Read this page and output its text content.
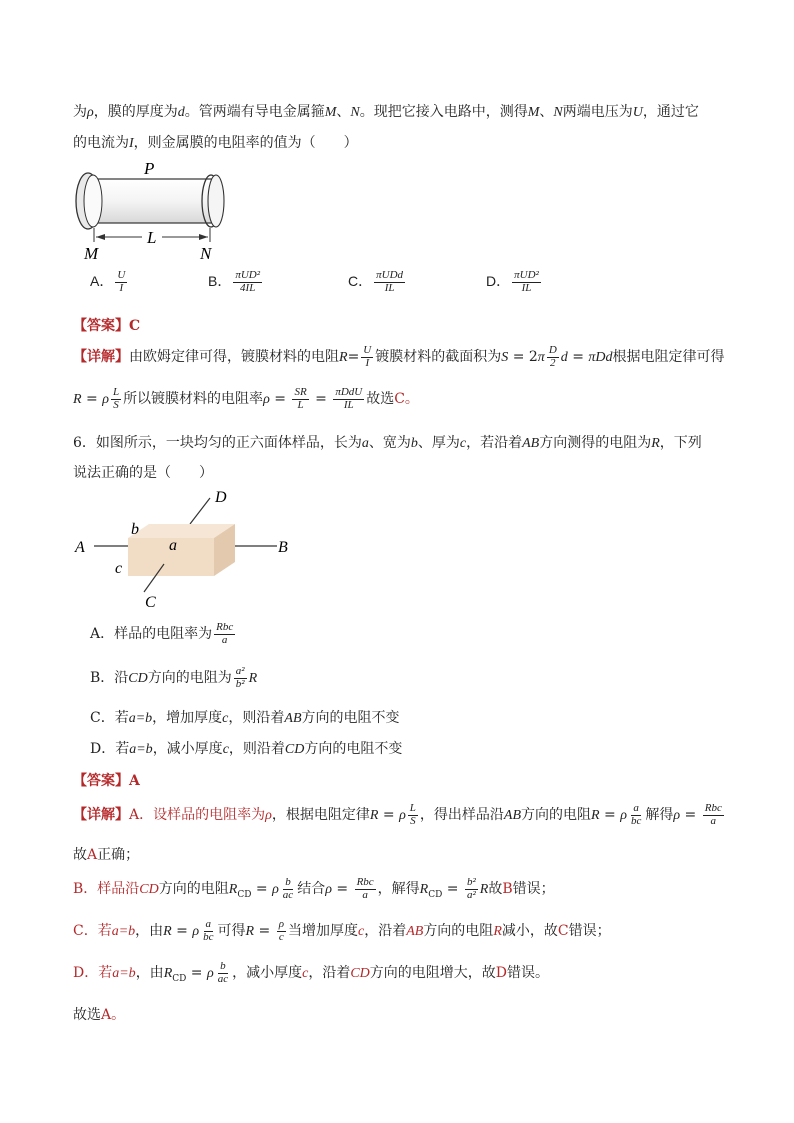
为ρ，膜的厚度为d。管两端有导电金属箍M、N。现把它接入电路中，测得M、N两端电压为U，通过它
的电流为I，则金属膜的电阻率的值为（　　）
P
L
M	N
A． $\frac{U}{I}$	B． $\frac{\text{πUD²}}{4IL}$	C． $\frac{\text{πUDd}}{IL}$	D． $\frac{\text{πUD²}}{IL}$
【答案】C
【详解】由欧姆定律可得，镀膜材料的电阻$R= \frac{U}{I}$ 镀膜材料的截面积为$S = 2\pi \frac{D}{2}$ d = πDd根据电阻定律可得
R = ρ $\frac{L}{S}$ 所以镀膜材料的电阻率$\rho = \frac{SR}{L} = \frac{\text{πDdU}}{IL}$ 故选C。
6．如图所示，一块均匀的正六面体样品，长为a、宽为b、厚为c，若沿着AB方向测得的电阻为R，下列
说法正确的是（　　）
A	B
D
C
a
b
c
A．样品的电阻率为 $\frac{\text{Rbc}}{a}$
B．沿CD方向的电阻为 $\frac{\text{a²}}{\text{b²}}$ R
C．若a=b，增加厚度c，则沿着AB方向的电阻不变
D．若a=b，减小厚度c，则沿着CD方向的电阻不变
【答案】A
【详解】A．设样品的电阻率为ρ，根据电阻定律R = ρ $\frac{L}{S}$ ，得出样品沿AB方向的电阻R = ρ $\frac{a}{bc}$ 解得$\rho = \frac{\text{Rbc}}{a}$
故A正确；
B．样品沿CD方向的电阻$R_{CD} = \rho \frac{b}{ac}$ 结合$\rho = \frac{\text{Rbc}}{a}$ ，解得$R_{CD} = \frac{\text{b²}}{\text{a²}}$ R故B错误；
C．若a=b，由R = ρ $\frac{a}{bc}$ 可得$R = \frac{\rho}{c}$ 当增加厚度c，沿着AB方向的电阻R减小，故C错误；
D．若a=b，由$R_{CD} = \rho \frac{b}{ac}$ ，减小厚度c，沿着CD方向的电阻增大，故D错误。
故选A。
